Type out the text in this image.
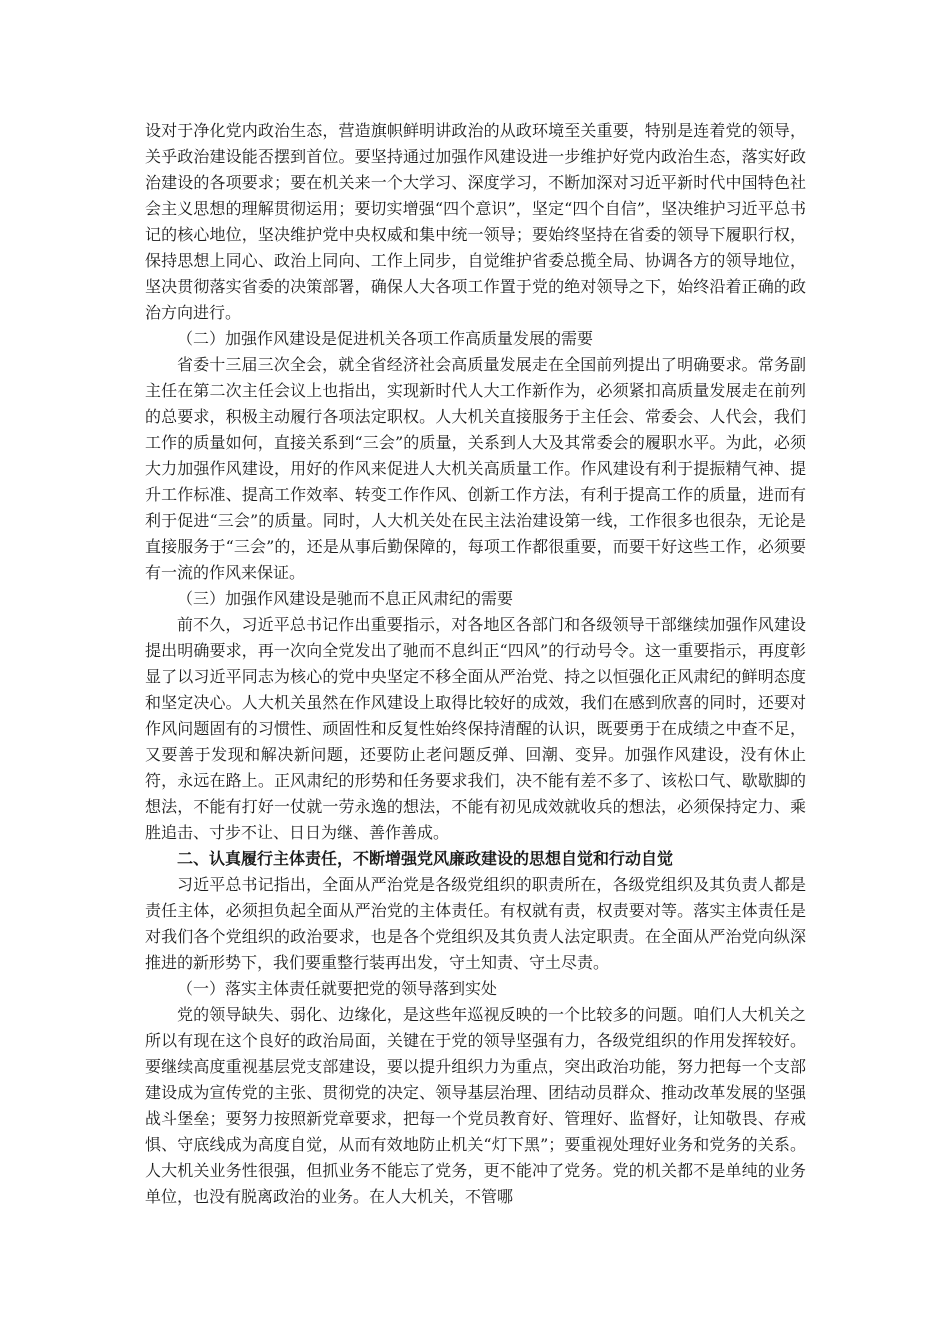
设对于净化党内政治生态，营造旗帜鲜明讲政治的从政环境至关重要，特别是连着党的领导，关乎政治建设能否摆到首位。要坚持通过加强作风建设进一步维护好党内政治生态，落实好政治建设的各项要求；要在机关来一个大学习、深度学习，不断加深对习近平新时代中国特色社会主义思想的理解贯彻运用；要切实增强“四个意识”，坚定“四个自信”，坚决维护习近平总书记的核心地位，坚决维护党中央权威和集中统一领导；要始终坚持在省委的领导下履职行权，保持思想上同心、政治上同向、工作上同步，自觉维护省委总揽全局、协调各方的领导地位，坚决贯彻落实省委的决策部署，确保人大各项工作置于党的绝对领导之下，始终沿着正确的政治方向进行。

（二）加强作风建设是促进机关各项工作高质量发展的需要

省委十三届三次全会，就全省经济社会高质量发展走在全国前列提出了明确要求。常务副主任在第二次主任会议上也指出，实现新时代人大工作新作为，必须紧扣高质量发展走在前列的总要求，积极主动履行各项法定职权。人大机关直接服务于主任会、常委会、人代会，我们工作的质量如何，直接关系到“三会”的质量，关系到人大及其常委会的履职水平。为此，必须大力加强作风建设，用好的作风来促进人大机关高质量工作。作风建设有利于提振精气神、提升工作标准、提高工作效率、转变工作作风、创新工作方法，有利于提高工作的质量，进而有利于促进“三会”的质量。同时，人大机关处在民主法治建设第一线，工作很多也很杂，无论是直接服务于“三会”的，还是从事后勤保障的，每项工作都很重要，而要干好这些工作，必须要有一流的作风来保证。

（三）加强作风建设是驰而不息正风肃纪的需要

前不久，习近平总书记作出重要指示，对各地区各部门和各级领导干部继续加强作风建设提出明确要求，再一次向全党发出了驰而不息纠正“四风”的行动号令。这一重要指示，再度彰显了以习近平同志为核心的党中央坚定不移全面从严治党、持之以恒强化正风肃纪的鲜明态度和坚定决心。人大机关虽然在作风建设上取得比较好的成效，我们在感到欣喜的同时，还要对作风问题固有的习惯性、顽固性和反复性始终保持清醒的认识，既要勇于在成绩之中查不足，又要善于发现和解决新问题，还要防止老问题反弹、回潮、变异。加强作风建设，没有休止符，永远在路上。正风肃纪的形势和任务要求我们，决不能有差不多了、该松口气、歇歇脚的想法，不能有打好一仗就一劳永逸的想法，不能有初见成效就收兵的想法，必须保持定力、乘胜追击、寸步不让、日日为继、善作善成。

二、认真履行主体责任，不断增强党风廉政建设的思想自觉和行动自觉

习近平总书记指出，全面从严治党是各级党组织的职责所在，各级党组织及其负责人都是责任主体，必须担负起全面从严治党的主体责任。有权就有责，权责要对等。落实主体责任是对我们各个党组织的政治要求，也是各个党组织及其负责人法定职责。在全面从严治党向纵深推进的新形势下，我们要重整行装再出发，守土知责、守土尽责。

（一）落实主体责任就要把党的领导落到实处

党的领导缺失、弱化、边缘化，是这些年巡视反映的一个比较多的问题。咱们人大机关之所以有现在这个良好的政治局面，关键在于党的领导坚强有力，各级党组织的作用发挥较好。要继续高度重视基层党支部建设，要以提升组织力为重点，突出政治功能，努力把每一个支部建设成为宣传党的主张、贯彻党的决定、领导基层治理、团结动员群众、推动改革发展的坚强战斗堡垒；要努力按照新党章要求，把每一个党员教育好、管理好、监督好，让知敬畏、存戒惧、守底线成为高度自觉，从而有效地防止机关“灯下黑”；要重视处理好业务和党务的关系。人大机关业务性很强，但抓业务不能忘了党务，更不能冲了党务。党的机关都不是单纯的业务单位，也没有脱离政治的业务。在人大机关，不管哪
